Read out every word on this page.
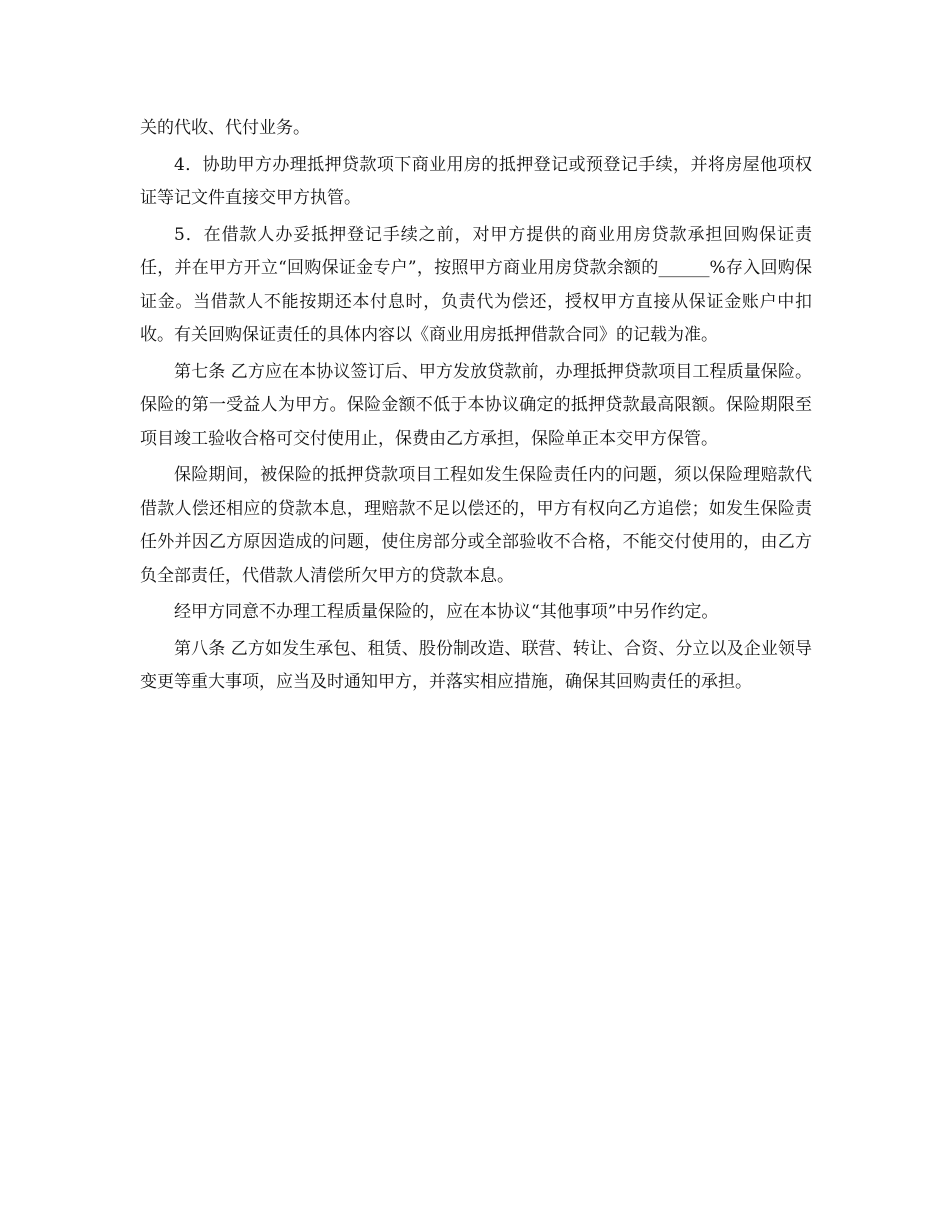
关的代收、代付业务。

4．协助甲方办理抵押贷款项下商业用房的抵押登记或预登记手续，并将房屋他项权证等记文件直接交甲方执管。

5．在借款人办妥抵押登记手续之前，对甲方提供的商业用房贷款承担回购保证责任，并在甲方开立“回购保证金专户”，按照甲方商业用房贷款余额的______%存入回购保证金。当借款人不能按期还本付息时，负责代为偿还，授权甲方直接从保证金账户中扣收。有关回购保证责任的具体内容以《商业用房抵押借款合同》的记载为准。

第七条 乙方应在本协议签订后、甲方发放贷款前，办理抵押贷款项目工程质量保险。保险的第一受益人为甲方。保险金额不低于本协议确定的抵押贷款最高限额。保险期限至项目竣工验收合格可交付使用止，保费由乙方承担，保险单正本交甲方保管。

保险期间，被保险的抵押贷款项目工程如发生保险责任内的问题，须以保险理赔款代借款人偿还相应的贷款本息，理赔款不足以偿还的，甲方有权向乙方追偿；如发生保险责任外并因乙方原因造成的问题，使住房部分或全部验收不合格，不能交付使用的，由乙方负全部责任，代借款人清偿所欠甲方的贷款本息。

经甲方同意不办理工程质量保险的，应在本协议“其他事项”中另作约定。

第八条 乙方如发生承包、租赁、股份制改造、联营、转让、合资、分立以及企业领导变更等重大事项，应当及时通知甲方，并落实相应措施，确保其回购责任的承担。
